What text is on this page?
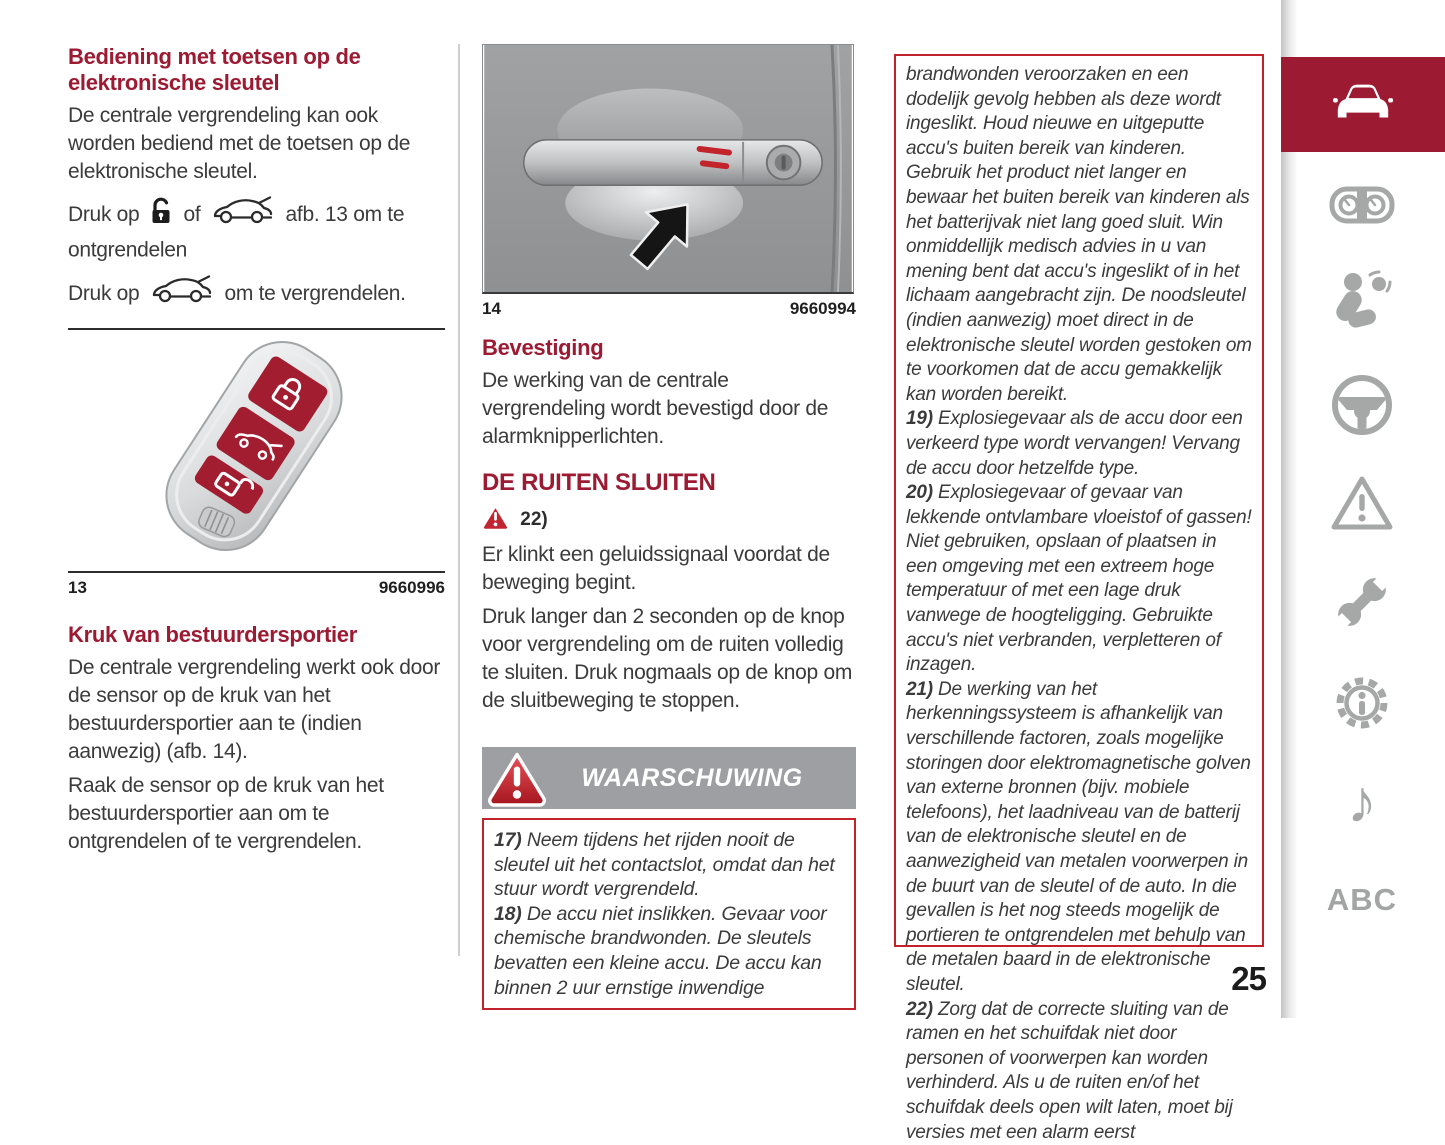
Bediening met toetsen op de elektronische sleutel

De centrale vergrendeling kan ook worden bediend met de toetsen op de elektronische sleutel.

Druk op of	afb. 13 om te ontgrendelen

Druk op	om te vergrendelen.

13	9660996
Kruk van bestuurdersportier

De centrale vergrendeling werkt ook door de sensor op de kruk van het bestuurdersportier aan te (indien aanwezig) (afb. 14).

Raak de sensor op de kruk van het bestuurdersportier aan om te ontgrendelen of te vergrendelen.

14	9660994
Bevestiging

De werking van de centrale vergrendeling wordt bevestigd door de alarmknipperlichten.

DE RUITEN SLUITEN

22)

Er klinkt een geluidssignaal voordat de beweging begint.

Druk langer dan 2 seconden op de knop voor vergrendeling om de ruiten volledig te sluiten. Druk nogmaals op de knop om de sluitbeweging te stoppen.

WAARSCHUWING

17) Neem tijdens het rijden nooit de sleutel uit het contactslot, omdat dan het stuur wordt vergrendeld.

18) De accu niet inslikken. Gevaar voor chemische brandwonden. De sleutels bevatten een kleine accu. De accu kan binnen 2 uur ernstige inwendige

brandwonden veroorzaken en een dodelijk gevolg hebben als deze wordt ingeslikt. Houd nieuwe en uitgeputte accu's buiten bereik van kinderen. Gebruik het product niet langer en bewaar het buiten bereik van kinderen als het batterijvak niet lang goed sluit. Win onmiddellijk medisch advies in u van mening bent dat accu's ingeslikt of in het lichaam aangebracht zijn. De noodsleutel (indien aanwezig) moet direct in de elektronische sleutel worden gestoken om te voorkomen dat de accu gemakkelijk kan worden bereikt.

19) Explosiegevaar als de accu door een verkeerd type wordt vervangen! Vervang de accu door hetzelfde type.

20) Explosiegevaar of gevaar van lekkende ontvlambare vloeistof of gassen! Niet gebruiken, opslaan of plaatsen in een omgeving met een extreem hoge temperatuur of met een lage druk vanwege de hoogteligging. Gebruikte accu's niet verbranden, verpletteren of inzagen.

21) De werking van het herkenningssysteem is afhankelijk van verschillende factoren, zoals mogelijke storingen door elektromagnetische golven van externe bronnen (bijv. mobiele telefoons), het laadniveau van de batterij van de elektronische sleutel en de aanwezigheid van metalen voorwerpen in de buurt van de sleutel of de auto. In die gevallen is het nog steeds mogelijk de portieren te ontgrendelen met behulp van de metalen baard in de elektronische sleutel.

22) Zorg dat de correcte sluiting van de ramen en het schuifdak niet door personen of voorwerpen kan worden verhinderd. Als u de ruiten en/of het schuifdak deels open wilt laten, moet bij versies met een alarm eerst

♪
ABC
25
